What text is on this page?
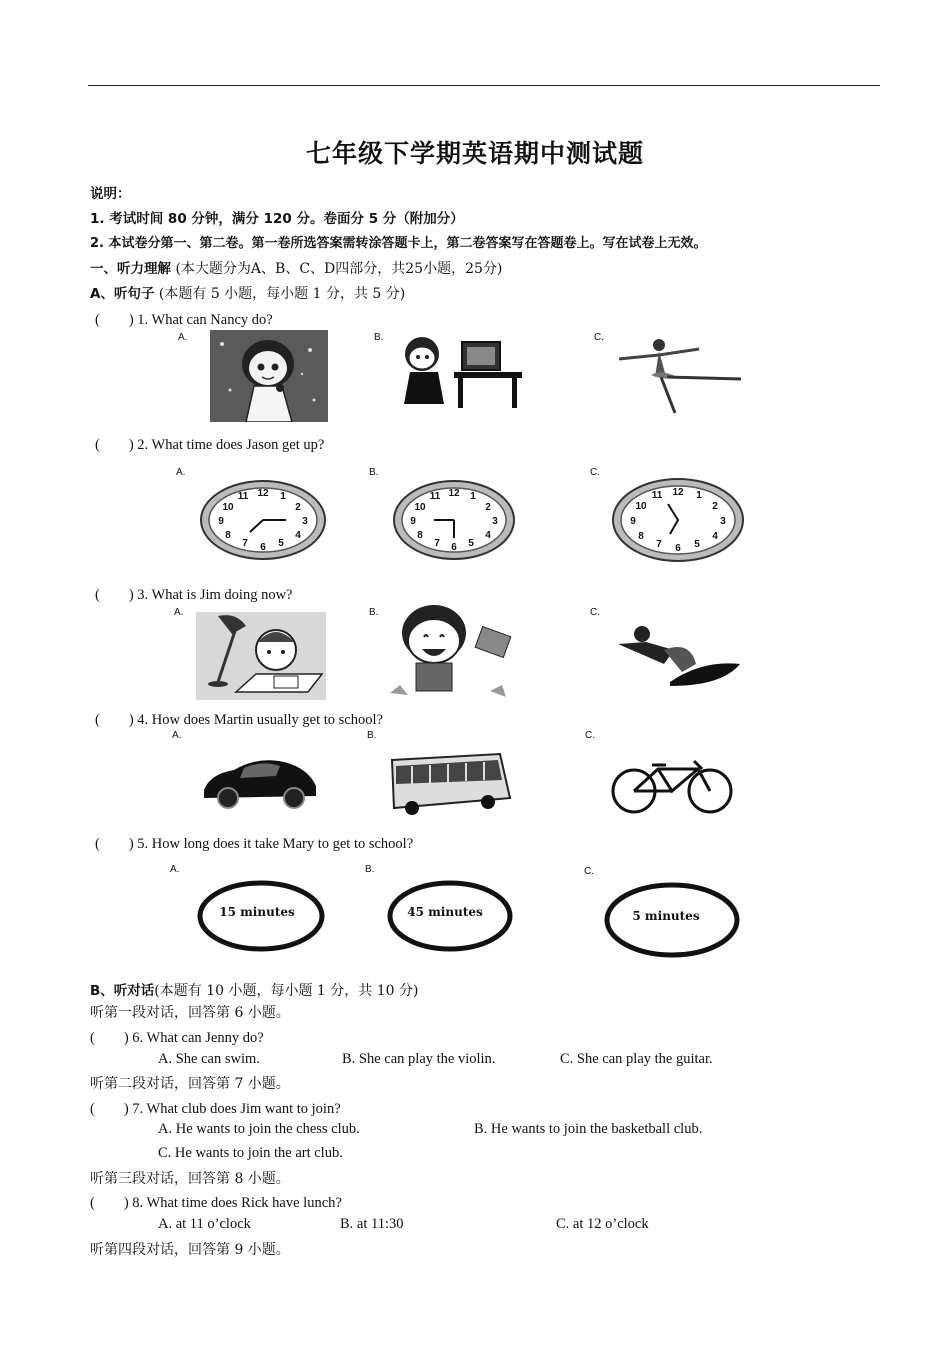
七年级下学期英语期中测试题
说明：
1. 考试时间 80 分钟，满分 120 分。卷面分 5 分（附加分）
2. 本试卷分第一、第二卷。第一卷所选答案需转涂答题卡上，第二卷答案写在答题卷上。写在试卷上无效。
一、听力理解 (本大题分为A、B、C、D四部分，共25小题，25分)
A、听句子 (本题有 5 小题，每小题 1 分，共 5 分)
(　　) 1. What can Nancy do?
A.	B.	C.
(　　) 2. What time does Jason get up?
A.	B.	C.
11 12 1
10	2
9	3
8	4
7 6 5
11 12 1
10	2
9	3
8	4
7 6 5
11 12 1
10	2
9	3
8	4
7 6 5
(　　) 3. What is Jim doing now?
A.	B.	C.
(　　) 4. How does Martin usually get to school?
A.	B.	C.
(　　) 5. How long does it take Mary to get to school?
A.	B.	C.
15 minutes	45 minutes	5 minutes
B、听对话(本题有 10 小题，每小题 1 分，共 10 分)
听第一段对话，回答第 6 小题。
(　　) 6. What can Jenny do?
A. She can swim.	B. She can play the violin.	C. She can play the guitar.
听第二段对话，回答第 7 小题。
(　　) 7. What club does Jim want to join?
A. He wants to join the chess club.	B. He wants to join the basketball club.
C. He wants to join the art club.
听第三段对话，回答第 8 小题。
(　　) 8. What time does Rick have lunch?
A. at 11 o’clock	B. at 11:30	C. at 12 o’clock
听第四段对话，回答第 9 小题。
